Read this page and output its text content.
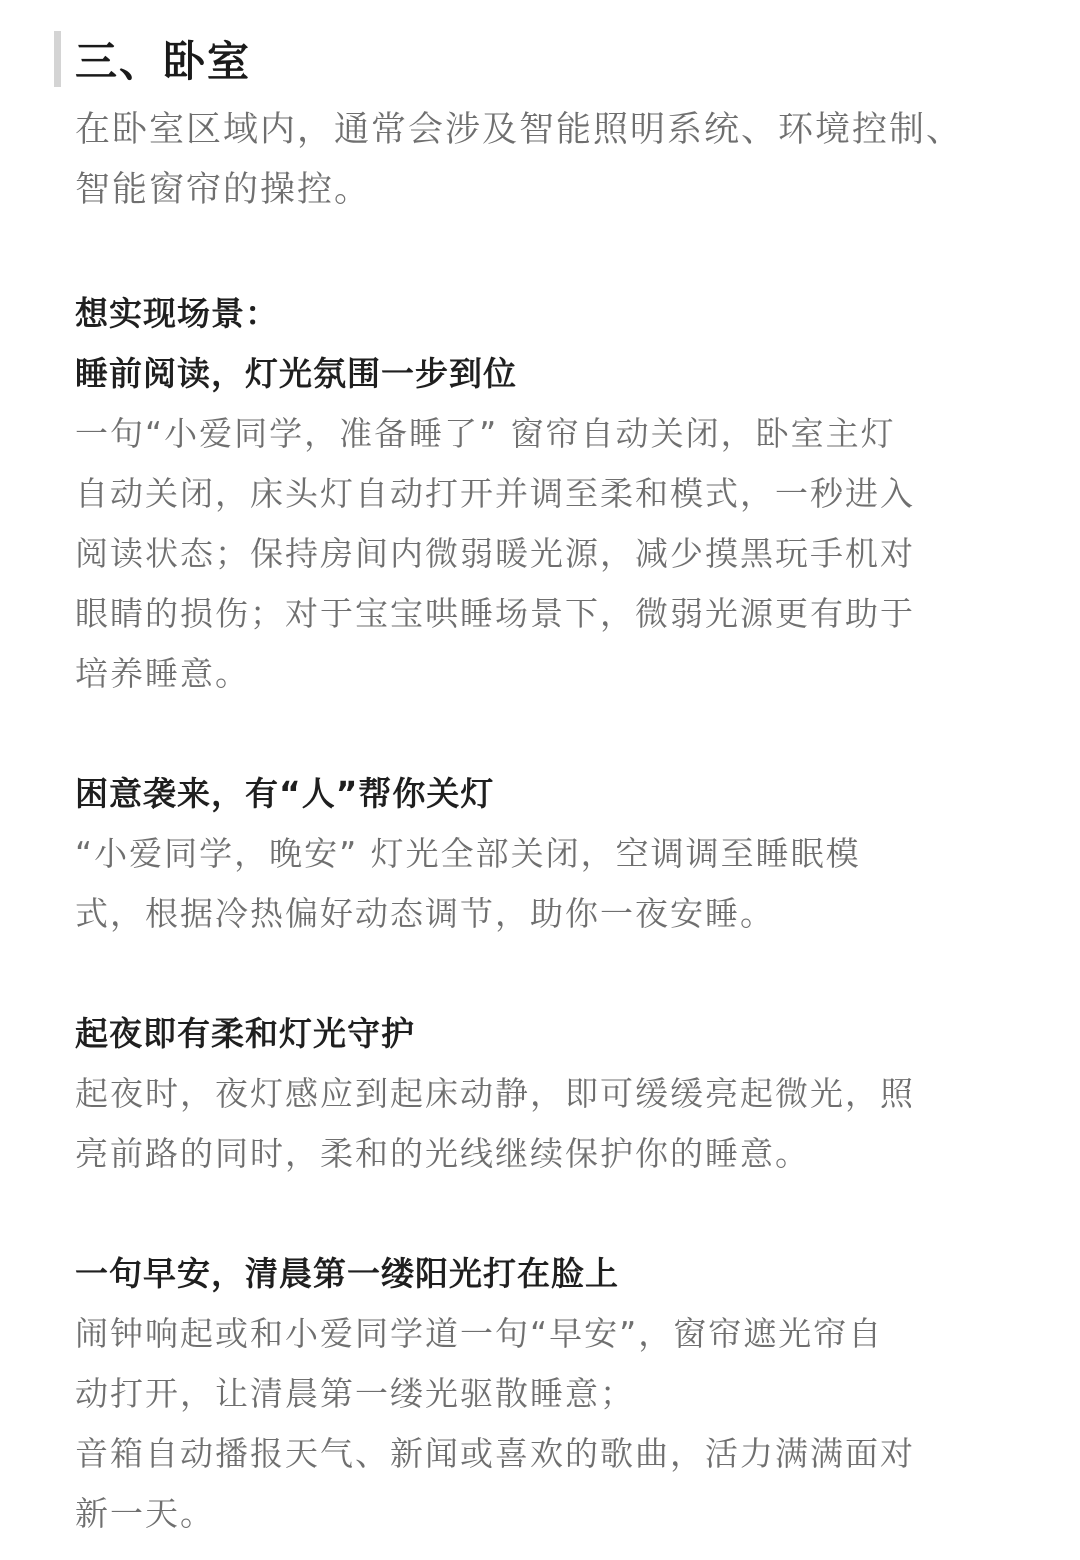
三、卧室
在卧室区域内，通常会涉及智能照明系统、环境控制、
智能窗帘的操控。
想实现场景：
睡前阅读，灯光氛围一步到位
一句“小爱同学，准备睡了” 窗帘自动关闭，卧室主灯
自动关闭，床头灯自动打开并调至柔和模式，一秒进入
阅读状态；保持房间内微弱暖光源，减少摸黑玩手机对
眼睛的损伤；对于宝宝哄睡场景下，微弱光源更有助于
培养睡意。
困意袭来，有“人”帮你关灯
“小爱同学，晚安” 灯光全部关闭，空调调至睡眠模
式，根据冷热偏好动态调节，助你一夜安睡。
起夜即有柔和灯光守护
起夜时，夜灯感应到起床动静，即可缓缓亮起微光，照
亮前路的同时，柔和的光线继续保护你的睡意。
一句早安，清晨第一缕阳光打在脸上
闹钟响起或和小爱同学道一句“早安”，窗帘遮光帘自
动打开，让清晨第一缕光驱散睡意；
音箱自动播报天气、新闻或喜欢的歌曲，活力满满面对
新一天。
